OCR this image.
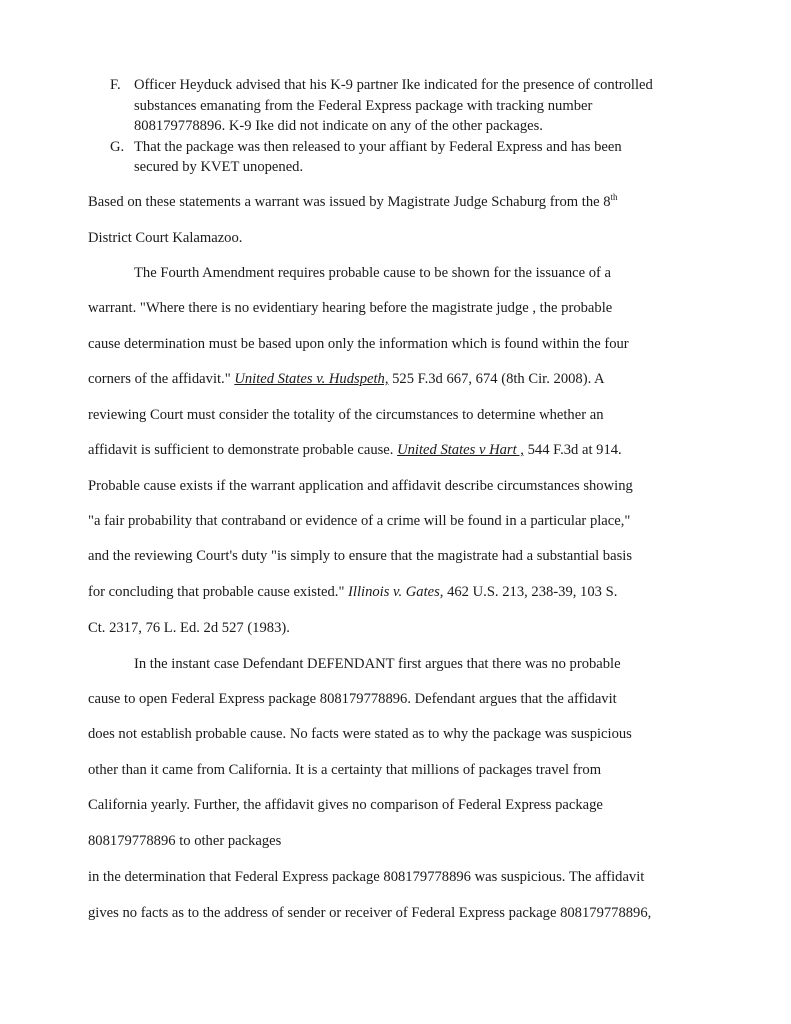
F. Officer Heyduck advised that his K-9 partner Ike indicated for the presence of controlled
substances emanating from the Federal Express package with tracking number
808179778896. K-9 Ike did not indicate on any of the other packages.
G. That the package was then released to your affiant by Federal Express and has been
secured by KVET unopened.
Based on these statements a warrant was issued by Magistrate Judge Schaburg from the 8th
District Court Kalamazoo.
The Fourth Amendment requires probable cause to be shown for the issuance of a
warrant. "Where there is no evidentiary hearing before the magistrate judge , the probable
cause determination must be based upon only the information which is found within the four
corners of the affidavit." United States v. Hudspeth, 525 F.3d 667, 674 (8th Cir. 2008). A
reviewing Court must consider the totality of the circumstances to determine whether an
affidavit is sufficient to demonstrate probable cause. United States v Hart , 544 F.3d at 914.
Probable cause exists if the warrant application and affidavit describe circumstances showing
"a fair probability that contraband or evidence of a crime will be found in a particular place,"
and the reviewing Court's duty "is simply to ensure that the magistrate had a substantial basis
for concluding that probable cause existed." Illinois v. Gates, 462 U.S. 213, 238-39, 103 S.
Ct. 2317, 76 L. Ed. 2d 527 (1983).
In the instant case Defendant DEFENDANT first argues that there was no probable
cause to open Federal Express package 808179778896. Defendant argues that the affidavit
does not establish probable cause. No facts were stated as to why the package was suspicious
other than it came from California. It is a certainty that millions of packages travel from
California yearly. Further, the affidavit gives no comparison of Federal Express package
808179778896 to other packages
in the determination that Federal Express package 808179778896 was suspicious. The affidavit
gives no facts as to the address of sender or receiver of Federal Express package 808179778896,
